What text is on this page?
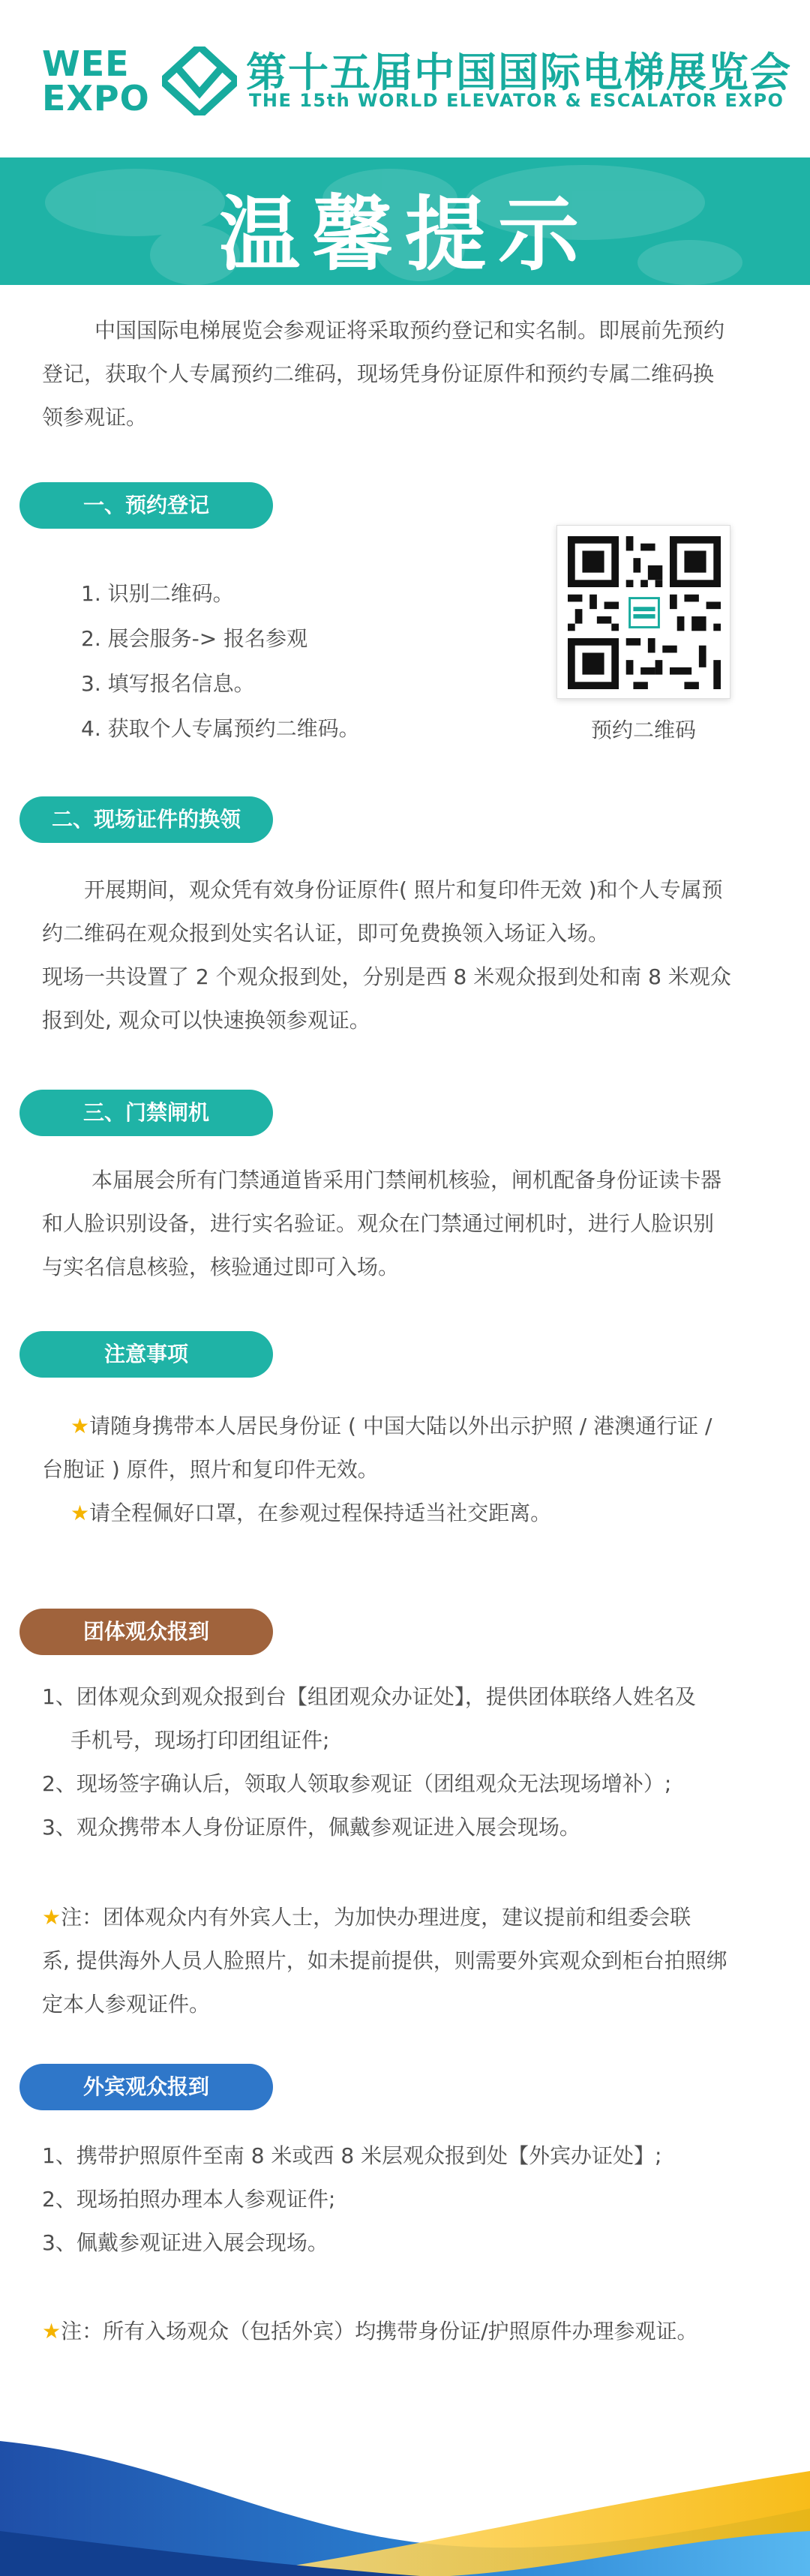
WEE
EXPO
第十五届中国国际电梯展览会
THE 15th WORLD ELEVATOR & ESCALATOR EXPO
温馨提示
中国国际电梯展览会参观证将采取预约登记和实名制。即展前先预约
登记，获取个人专属预约二维码，现场凭身份证原件和预约专属二维码换
领参观证。
一、预约登记
1. 识别二维码。
2. 展会服务-> 报名参观
3. 填写报名信息。
4. 获取个人专属预约二维码。	预约二维码
二、现场证件的换领
开展期间，观众凭有效身份证原件( 照片和复印件无效 )和个人专属预
约二维码在观众报到处实名认证，即可免费换领入场证入场。
现场一共设置了 2 个观众报到处，分别是西 8 米观众报到处和南 8 米观众
报到处, 观众可以快速换领参观证。
三、门禁闸机
本届展会所有门禁通道皆采用门禁闸机核验，闸机配备身份证读卡器
和人脸识别设备，进行实名验证。观众在门禁通过闸机时，进行人脸识别
与实名信息核验，核验通过即可入场。
注意事项
★请随身携带本人居民身份证 ( 中国大陆以外出示护照 / 港澳通行证 /
台胞证 ) 原件，照片和复印件无效。
★请全程佩好口罩，在参观过程保持适当社交距离。
团体观众报到
1、团体观众到观众报到台【组团观众办证处】，提供团体联络人姓名及
手机号，现场打印团组证件;
2、现场签字确认后，领取人领取参观证（团组观众无法现场增补）;
3、观众携带本人身份证原件，佩戴参观证进入展会现场。
★注：团体观众内有外宾人士，为加快办理进度，建议提前和组委会联
系, 提供海外人员人脸照片，如未提前提供，则需要外宾观众到柜台拍照绑
定本人参观证件。
外宾观众报到
1、携带护照原件至南 8 米或西 8 米层观众报到处【外宾办证处】;
2、现场拍照办理本人参观证件;
3、佩戴参观证进入展会现场。
★注：所有入场观众（包括外宾）均携带身份证/护照原件办理参观证。
